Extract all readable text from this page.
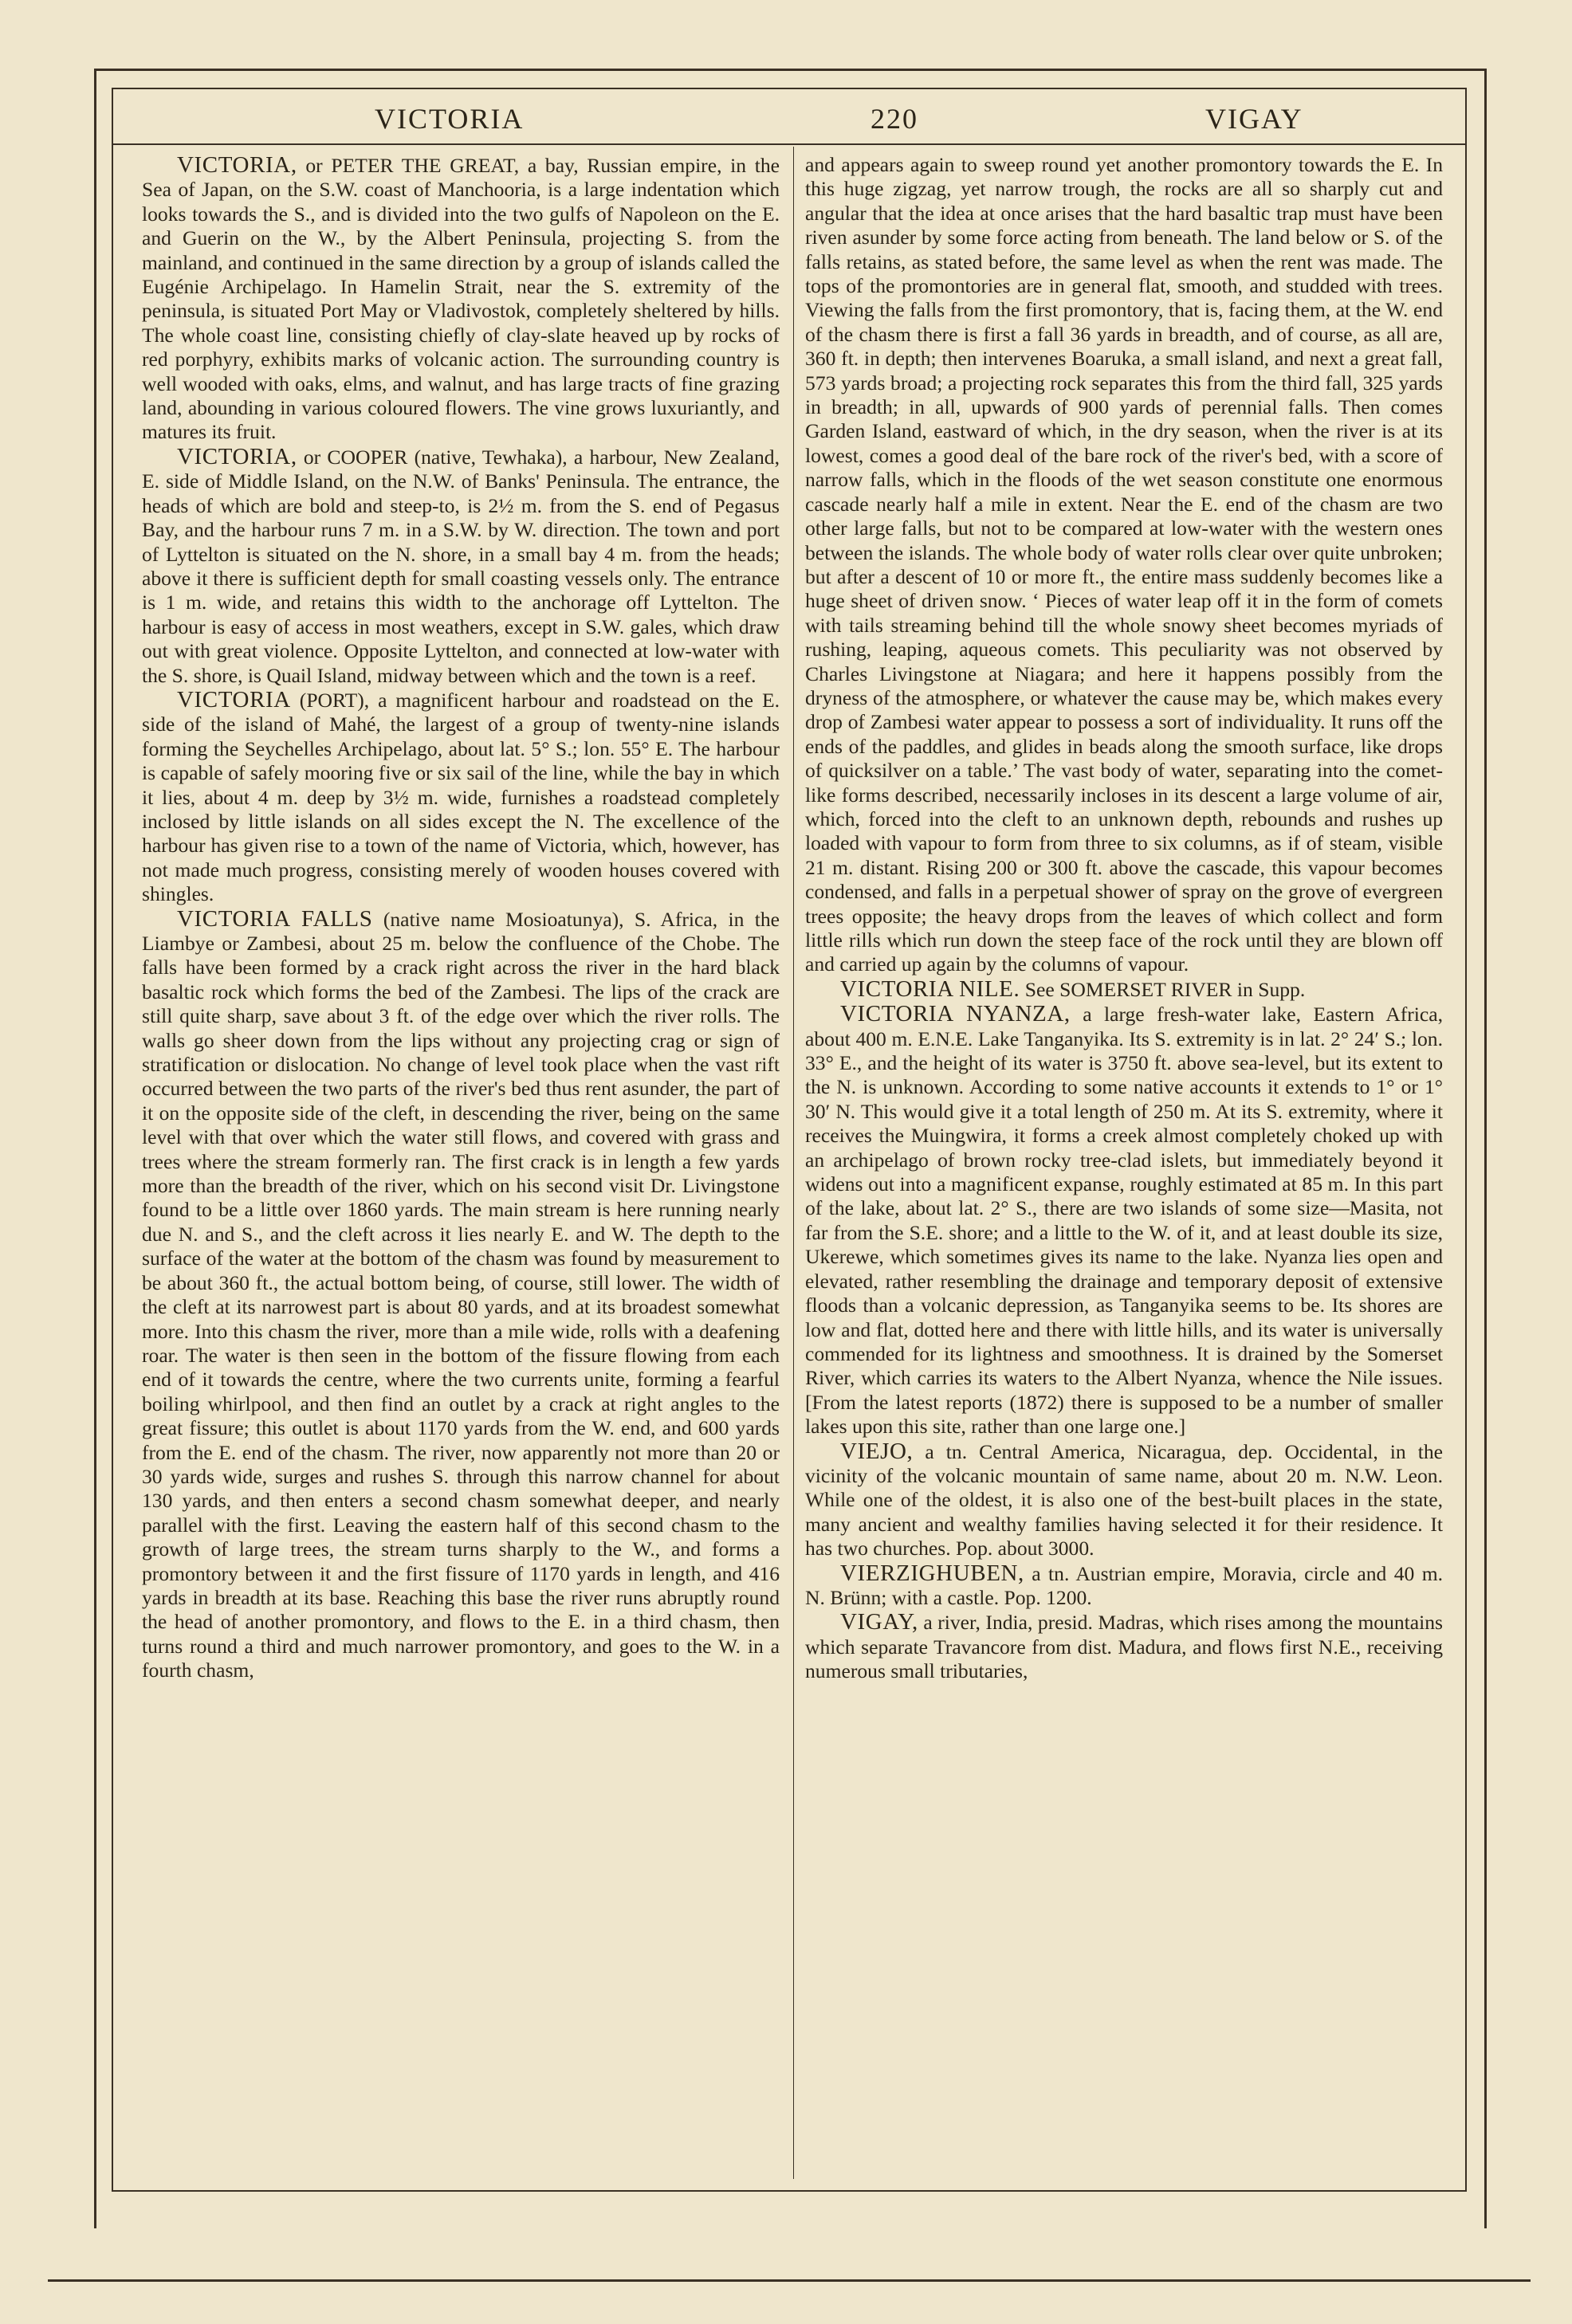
VICTORIA	220	VIGAY

VICTORIA, or PETER THE GREAT, a bay, Russian empire, in the Sea of Japan, on the S.W. coast of Manchooria, is a large indentation which looks towards the S., and is divided into the two gulfs of Napoleon on the E. and Guerin on the W., by the Albert Peninsula, projecting S. from the mainland, and continued in the same direction by a group of islands called the Eugénie Archipelago. In Hamelin Strait, near the S. extremity of the peninsula, is situated Port May or Vladivostok, completely sheltered by hills. The whole coast line, consisting chiefly of clay-slate heaved up by rocks of red porphyry, exhibits marks of volcanic action. The surrounding country is well wooded with oaks, elms, and walnut, and has large tracts of fine grazing land, abounding in various coloured flowers. The vine grows luxuriantly, and matures its fruit.

VICTORIA, or COOPER (native, Tewhaka), a harbour, New Zealand, E. side of Middle Island, on the N.W. of Banks' Peninsula. The entrance, the heads of which are bold and steep-to, is 2½ m. from the S. end of Pegasus Bay, and the harbour runs 7 m. in a S.W. by W. direction. The town and port of Lyttelton is situated on the N. shore, in a small bay 4 m. from the heads; above it there is sufficient depth for small coasting vessels only. The entrance is 1 m. wide, and retains this width to the anchorage off Lyttelton. The harbour is easy of access in most weathers, except in S.W. gales, which draw out with great violence. Opposite Lyttelton, and connected at low-water with the S. shore, is Quail Island, midway between which and the town is a reef.

VICTORIA (PORT), a magnificent harbour and roadstead on the E. side of the island of Mahé, the largest of a group of twenty-nine islands forming the Seychelles Archipelago, about lat. 5° S.; lon. 55° E. The harbour is capable of safely mooring five or six sail of the line, while the bay in which it lies, about 4 m. deep by 3½ m. wide, furnishes a roadstead completely inclosed by little islands on all sides except the N. The excellence of the harbour has given rise to a town of the name of Victoria, which, however, has not made much progress, consisting merely of wooden houses covered with shingles.

VICTORIA FALLS (native name Mosioatunya), S. Africa, in the Liambye or Zambesi, about 25 m. below the confluence of the Chobe. The falls have been formed by a crack right across the river in the hard black basaltic rock which forms the bed of the Zambesi. The lips of the crack are still quite sharp, save about 3 ft. of the edge over which the river rolls. The walls go sheer down from the lips without any projecting crag or sign of stratification or dislocation. No change of level took place when the vast rift occurred between the two parts of the river's bed thus rent asunder, the part of it on the opposite side of the cleft, in descending the river, being on the same level with that over which the water still flows, and covered with grass and trees where the stream formerly ran. The first crack is in length a few yards more than the breadth of the river, which on his second visit Dr. Livingstone found to be a little over 1860 yards. The main stream is here running nearly due N. and S., and the cleft across it lies nearly E. and W. The depth to the surface of the water at the bottom of the chasm was found by measurement to be about 360 ft., the actual bottom being, of course, still lower. The width of the cleft at its narrowest part is about 80 yards, and at its broadest somewhat more. Into this chasm the river, more than a mile wide, rolls with a deafening roar. The water is then seen in the bottom of the fissure flowing from each end of it towards the centre, where the two currents unite, forming a fearful boiling whirlpool, and then find an outlet by a crack at right angles to the great fissure; this outlet is about 1170 yards from the W. end, and 600 yards from the E. end of the chasm. The river, now apparently not more than 20 or 30 yards wide, surges and rushes S. through this narrow channel for about 130 yards, and then enters a second chasm somewhat deeper, and nearly parallel with the first. Leaving the eastern half of this second chasm to the growth of large trees, the stream turns sharply to the W., and forms a promontory between it and the first fissure of 1170 yards in length, and 416 yards in breadth at its base. Reaching this base the river runs abruptly round the head of another promontory, and flows to the E. in a third chasm, then turns round a third and much narrower promontory, and goes to the W. in a fourth chasm,

and appears again to sweep round yet another promontory towards the E. In this huge zigzag, yet narrow trough, the rocks are all so sharply cut and angular that the idea at once arises that the hard basaltic trap must have been riven asunder by some force acting from beneath. The land below or S. of the falls retains, as stated before, the same level as when the rent was made. The tops of the promontories are in general flat, smooth, and studded with trees. Viewing the falls from the first promontory, that is, facing them, at the W. end of the chasm there is first a fall 36 yards in breadth, and of course, as all are, 360 ft. in depth; then intervenes Boaruka, a small island, and next a great fall, 573 yards broad; a projecting rock separates this from the third fall, 325 yards in breadth; in all, upwards of 900 yards of perennial falls. Then comes Garden Island, eastward of which, in the dry season, when the river is at its lowest, comes a good deal of the bare rock of the river's bed, with a score of narrow falls, which in the floods of the wet season constitute one enormous cascade nearly half a mile in extent. Near the E. end of the chasm are two other large falls, but not to be compared at low-water with the western ones between the islands. The whole body of water rolls clear over quite unbroken; but after a descent of 10 or more ft., the entire mass suddenly becomes like a huge sheet of driven snow. ‘ Pieces of water leap off it in the form of comets with tails streaming behind till the whole snowy sheet becomes myriads of rushing, leaping, aqueous comets. This peculiarity was not observed by Charles Livingstone at Niagara; and here it happens possibly from the dryness of the atmosphere, or whatever the cause may be, which makes every drop of Zambesi water appear to possess a sort of individuality. It runs off the ends of the paddles, and glides in beads along the smooth surface, like drops of quicksilver on a table.’ The vast body of water, separating into the comet-like forms described, necessarily incloses in its descent a large volume of air, which, forced into the cleft to an unknown depth, rebounds and rushes up loaded with vapour to form from three to six columns, as if of steam, visible 21 m. distant. Rising 200 or 300 ft. above the cascade, this vapour becomes condensed, and falls in a perpetual shower of spray on the grove of evergreen trees opposite; the heavy drops from the leaves of which collect and form little rills which run down the steep face of the rock until they are blown off and carried up again by the columns of vapour.

VICTORIA NILE. See SOMERSET RIVER in Supp.

VICTORIA NYANZA, a large fresh-water lake, Eastern Africa, about 400 m. E.N.E. Lake Tanganyika. Its S. extremity is in lat. 2° 24′ S.; lon. 33° E., and the height of its water is 3750 ft. above sea-level, but its extent to the N. is unknown. According to some native accounts it extends to 1° or 1° 30′ N. This would give it a total length of 250 m. At its S. extremity, where it receives the Muingwira, it forms a creek almost completely choked up with an archipelago of brown rocky tree-clad islets, but immediately beyond it widens out into a magnificent expanse, roughly estimated at 85 m. In this part of the lake, about lat. 2° S., there are two islands of some size—Masita, not far from the S.E. shore; and a little to the W. of it, and at least double its size, Ukerewe, which sometimes gives its name to the lake. Nyanza lies open and elevated, rather resembling the drainage and temporary deposit of extensive floods than a volcanic depression, as Tanganyika seems to be. Its shores are low and flat, dotted here and there with little hills, and its water is universally commended for its lightness and smoothness. It is drained by the Somerset River, which carries its waters to the Albert Nyanza, whence the Nile issues. [From the latest reports (1872) there is supposed to be a number of smaller lakes upon this site, rather than one large one.]

VIEJO, a tn. Central America, Nicaragua, dep. Occidental, in the vicinity of the volcanic mountain of same name, about 20 m. N.W. Leon. While one of the oldest, it is also one of the best-built places in the state, many ancient and wealthy families having selected it for their residence. It has two churches. Pop. about 3000.

VIERZIGHUBEN, a tn. Austrian empire, Moravia, circle and 40 m. N. Brünn; with a castle. Pop. 1200.

VIGAY, a river, India, presid. Madras, which rises among the mountains which separate Travancore from dist. Madura, and flows first N.E., receiving numerous small tributaries,
